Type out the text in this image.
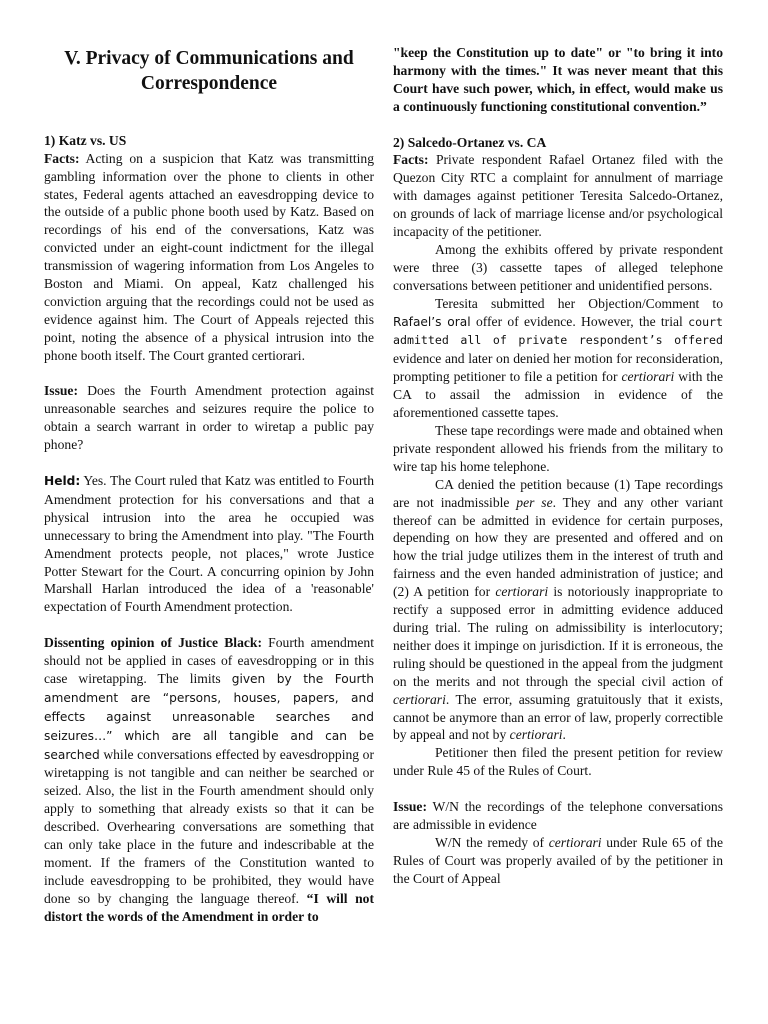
V. Privacy of Communications and Correspondence

1) Katz vs. US

Facts: Acting on a suspicion that Katz was transmitting gambling information over the phone to clients in other states, Federal agents attached an eavesdropping device to the outside of a public phone booth used by Katz. Based on recordings of his end of the conversations, Katz was convicted under an eight-count indictment for the illegal transmission of wagering information from Los Angeles to Boston and Miami. On appeal, Katz challenged his conviction arguing that the recordings could not be used as evidence against him. The Court of Appeals rejected this point, noting the absence of a physical intrusion into the phone booth itself. The Court granted certiorari.

Issue: Does the Fourth Amendment protection against unreasonable searches and seizures require the police to obtain a search warrant in order to wiretap a public pay phone?

Held: Yes. The Court ruled that Katz was entitled to Fourth Amendment protection for his conversations and that a physical intrusion into the area he occupied was unnecessary to bring the Amendment into play. "The Fourth Amendment protects people, not places," wrote Justice Potter Stewart for the Court. A concurring opinion by John Marshall Harlan introduced the idea of a 'reasonable' expectation of Fourth Amendment protection.

Dissenting opinion of Justice Black: Fourth amendment should not be applied in cases of eavesdropping or in this case wiretapping. The limits given by the Fourth amendment are “persons, houses, papers, and effects against unreasonable searches and seizures…” which are all tangible and can be searched while conversations effected by eavesdropping or wiretapping is not tangible and can neither be searched or seized. Also, the list in the Fourth amendment should only apply to something that already exists so that it can be described. Overhearing conversations are something that can only take place in the future and indescribable at the moment. If the framers of the Constitution wanted to include eavesdropping to be prohibited, they would have done so by changing the language thereof. “I will not distort the words of the Amendment in order to

"keep the Constitution up to date" or "to bring it into harmony with the times." It was never meant that this Court have such power, which, in effect, would make us a continuously functioning constitutional convention.”

2) Salcedo-Ortanez vs. CA

Facts: Private respondent Rafael Ortanez filed with the Quezon City RTC a complaint for annulment of marriage with damages against petitioner Teresita Salcedo-Ortanez, on grounds of lack of marriage license and/or psychological incapacity of the petitioner.

Among the exhibits offered by private respondent were three (3) cassette tapes of alleged telephone conversations between petitioner and unidentified persons.

Teresita submitted her Objection/Comment to Rafael’s oral offer of evidence. However, the trial court admitted all of private respondent’s offered evidence and later on denied her motion for reconsideration, prompting petitioner to file a petition for certiorari with the CA to assail the admission in evidence of the aforementioned cassette tapes.

These tape recordings were made and obtained when private respondent allowed his friends from the military to wire tap his home telephone.

CA denied the petition because (1) Tape recordings are not inadmissible per se. They and any other variant thereof can be admitted in evidence for certain purposes, depending on how they are presented and offered and on how the trial judge utilizes them in the interest of truth and fairness and the even handed administration of justice; and (2) A petition for certiorari is notoriously inappropriate to rectify a supposed error in admitting evidence adduced during trial. The ruling on admissibility is interlocutory; neither does it impinge on jurisdiction. If it is erroneous, the ruling should be questioned in the appeal from the judgment on the merits and not through the special civil action of certiorari. The error, assuming gratuitously that it exists, cannot be anymore than an error of law, properly correctible by appeal and not by certiorari.

Petitioner then filed the present petition for review under Rule 45 of the Rules of Court.

Issue: W/N the recordings of the telephone conversations are admissible in evidence

W/N the remedy of certiorari under Rule 65 of the Rules of Court was properly availed of by the petitioner in the Court of Appeal
